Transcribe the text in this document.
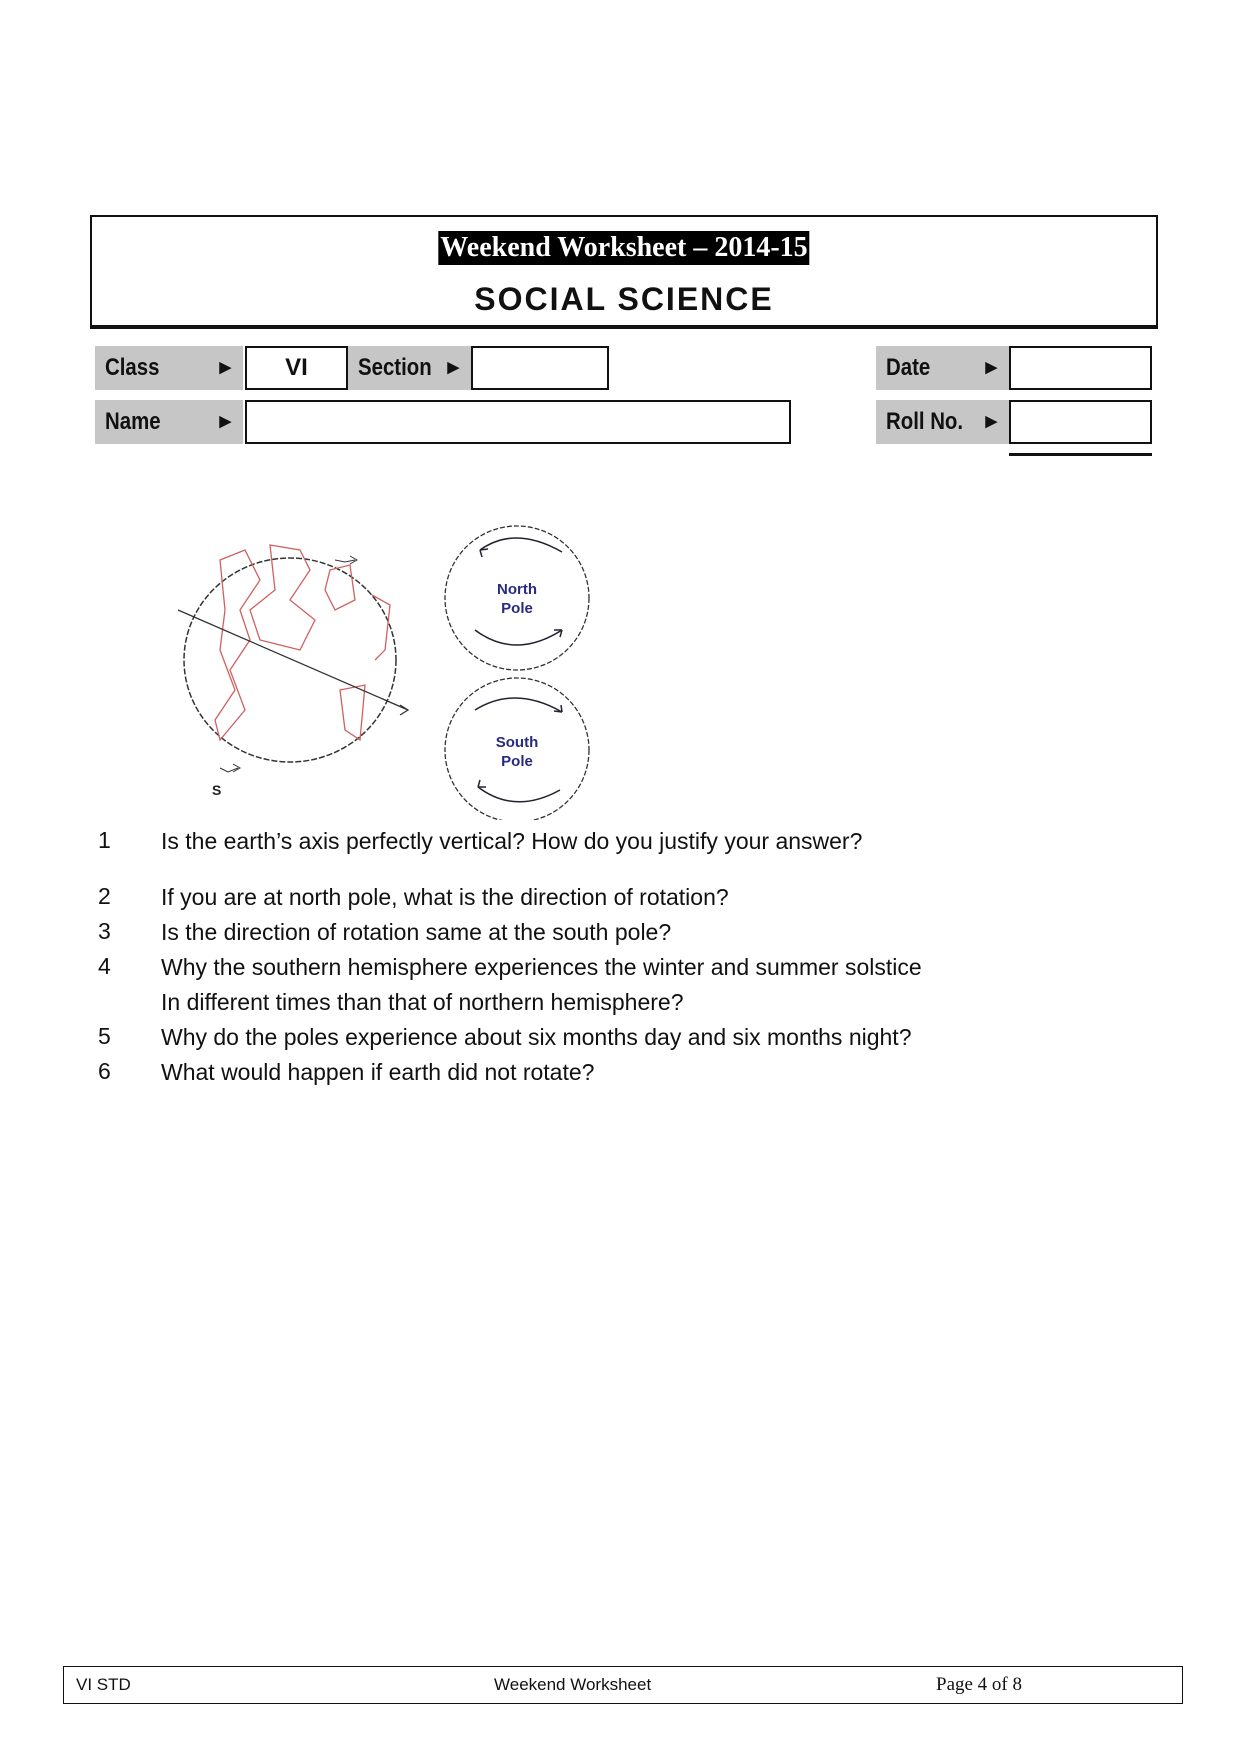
Weekend Worksheet – 2014-15
SOCIAL SCIENCE
Class	▶	VI	Section ▶	Date	▶
Name	▶	Roll No. ▶
S
North
Pole
South
Pole
1 Is the earth’s axis perfectly vertical? How do you justify your answer?
2 If you are at north pole, what is the direction of rotation?
3 Is the direction of rotation same at the south pole?
4 Why the southern hemisphere experiences the winter and summer solstice
In different times than that of northern hemisphere?
5 Why do the poles experience about six months day and six months night?
6 What would happen if earth did not rotate?
VI STD	Weekend Worksheet	Page 4 of 8
